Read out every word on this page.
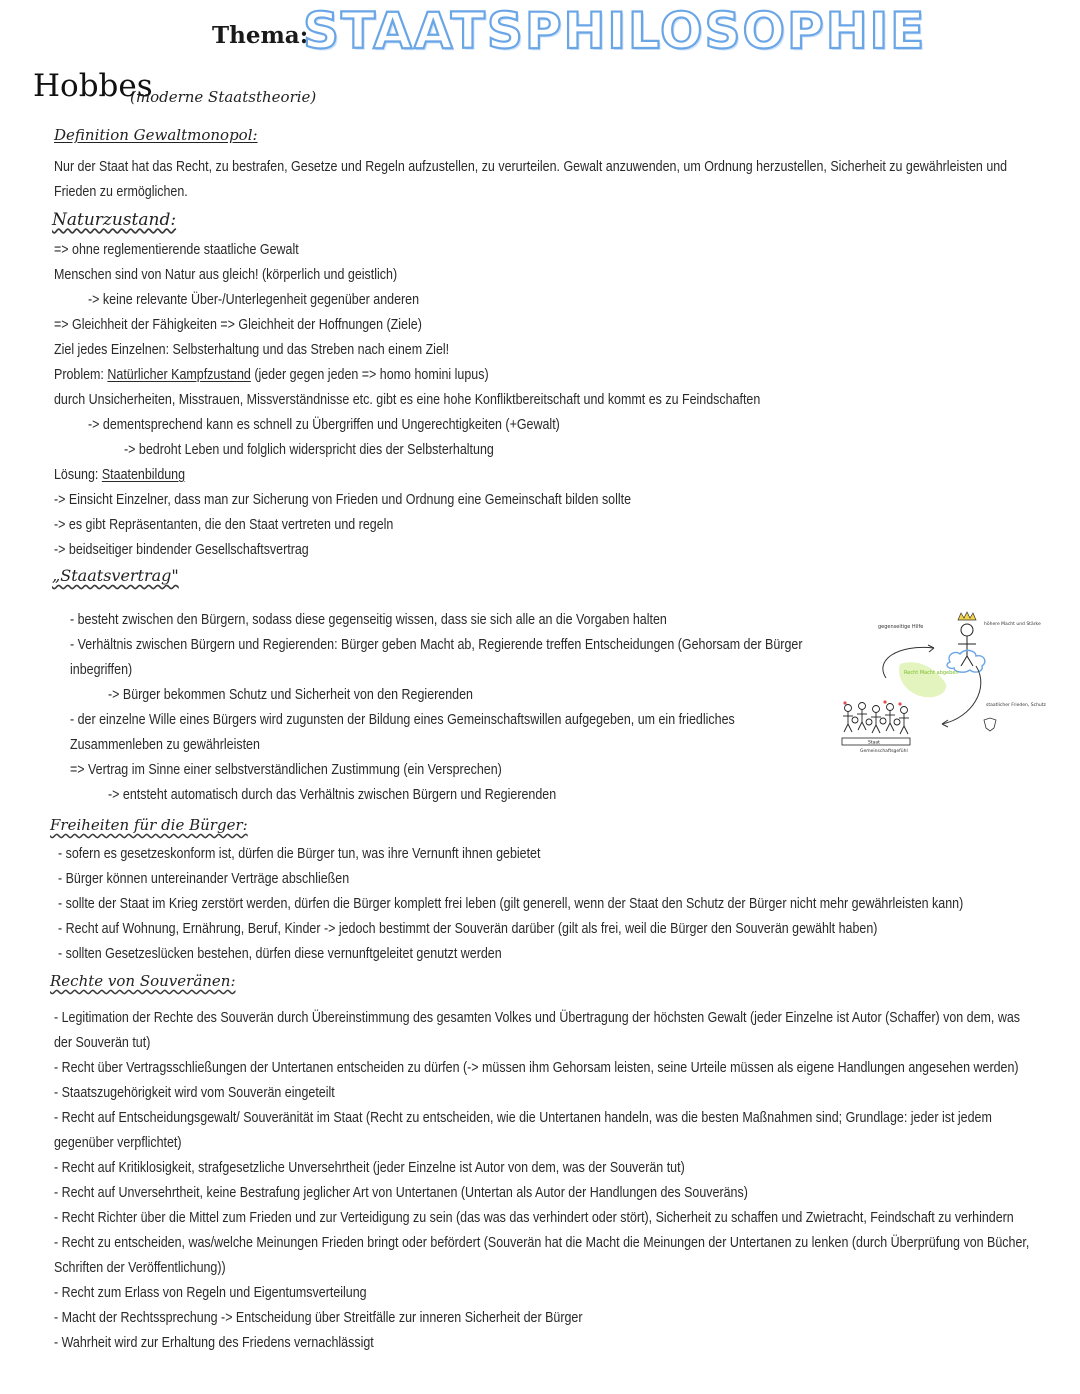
Thema:
STAATSPHILOSOPHIE
Hobbes
(moderne Staatstheorie)
Definition Gewaltmonopol:
Nur der Staat hat das Recht, zu bestrafen, Gesetze und Regeln aufzustellen, zu verurteilen. Gewalt anzuwenden, um Ordnung herzustellen, Sicherheit zu gewährleisten und
Frieden zu ermöglichen.
Naturzustand:
=> ohne reglementierende staatliche Gewalt
Menschen sind von Natur aus gleich! (körperlich und geistlich)
-> keine relevante Über-/Unterlegenheit gegenüber anderen
=> Gleichheit der Fähigkeiten => Gleichheit der Hoffnungen (Ziele)
Ziel jedes Einzelnen: Selbsterhaltung und das Streben nach einem Ziel!
Problem: Natürlicher Kampfzustand (jeder gegen jeden => homo homini lupus)
durch Unsicherheiten, Misstrauen, Missverständnisse etc. gibt es eine hohe Konfliktbereitschaft und kommt es zu Feindschaften
-> dementsprechend kann es schnell zu Übergriffen und Ungerechtigkeiten (+Gewalt)
-> bedroht Leben und folglich widerspricht dies der Selbsterhaltung
Lösung: Staatenbildung
-> Einsicht Einzelner, dass man zur Sicherung von Frieden und Ordnung eine Gemeinschaft bilden sollte
-> es gibt Repräsentanten, die den Staat vertreten und regeln
-> beidseitiger bindender Gesellschaftsvertrag
„Staatsvertrag"
- besteht zwischen den Bürgern, sodass diese gegenseitig wissen, dass sie sich alle an die Vorgaben halten
- Verhältnis zwischen Bürgern und Regierenden: Bürger geben Macht ab, Regierende treffen Entscheidungen (Gehorsam der Bürger
inbegriffen)
-> Bürger bekommen Schutz und Sicherheit von den Regierenden
- der einzelne Wille eines Bürgers wird zugunsten der Bildung eines Gemeinschaftswillen aufgegeben, um ein friedliches
Zusammenleben zu gewährleisten
=> Vertrag im Sinne einer selbstverständlichen Zustimmung (ein Versprechen)
-> entsteht automatisch durch das Verhältnis zwischen Bürgern und Regierenden
gegenseitige Hilfe	höhere Macht und Stärke
Recht Macht abgeben
staatlicher Frieden, Schutz
Staat
Gemeinschaftsgefühl
Freiheiten für die Bürger:
- sofern es gesetzeskonform ist, dürfen die Bürger tun, was ihre Vernunft ihnen gebietet
- Bürger können untereinander Verträge abschließen
- sollte der Staat im Krieg zerstört werden, dürfen die Bürger komplett frei leben (gilt generell, wenn der Staat den Schutz der Bürger nicht mehr gewährleisten kann)
- Recht auf Wohnung, Ernährung, Beruf, Kinder -> jedoch bestimmt der Souverän darüber (gilt als frei, weil die Bürger den Souverän gewählt haben)
- sollten Gesetzeslücken bestehen, dürfen diese vernunftgeleitet genutzt werden
Rechte von Souveränen:
- Legitimation der Rechte des Souverän durch Übereinstimmung des gesamten Volkes und Übertragung der höchsten Gewalt (jeder Einzelne ist Autor (Schaffer) von dem, was
der Souverän tut)
- Recht über Vertragsschließungen der Untertanen entscheiden zu dürfen (-> müssen ihm Gehorsam leisten, seine Urteile müssen als eigene Handlungen angesehen werden)
- Staatszugehörigkeit wird vom Souverän eingeteilt
- Recht auf Entscheidungsgewalt/ Souveränität im Staat (Recht zu entscheiden, wie die Untertanen handeln, was die besten Maßnahmen sind; Grundlage: jeder ist jedem
gegenüber verpflichtet)
- Recht auf Kritiklosigkeit, strafgesetzliche Unversehrtheit (jeder Einzelne ist Autor von dem, was der Souverän tut)
- Recht auf Unversehrtheit, keine Bestrafung jeglicher Art von Untertanen (Untertan als Autor der Handlungen des Souveräns)
- Recht Richter über die Mittel zum Frieden und zur Verteidigung zu sein (das was das verhindert oder stört), Sicherheit zu schaffen und Zwietracht, Feindschaft zu verhindern
- Recht zu entscheiden, was/welche Meinungen Frieden bringt oder befördert (Souverän hat die Macht die Meinungen der Untertanen zu lenken (durch Überprüfung von Bücher,
Schriften der Veröffentlichung))
- Recht zum Erlass von Regeln und Eigentumsverteilung
- Macht der Rechtssprechung -> Entscheidung über Streitfälle zur inneren Sicherheit der Bürger
- Wahrheit wird zur Erhaltung des Friedens vernachlässigt
